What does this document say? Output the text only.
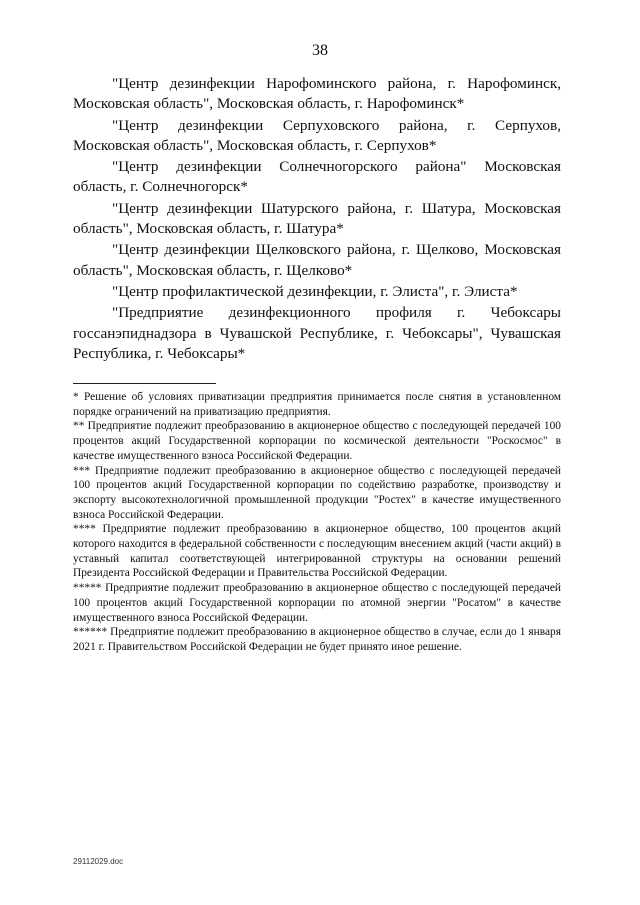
38

"Центр дезинфекции Нарофоминского района, г. Нарофоминск, Московская область", Московская область, г. Нарофоминск*

"Центр дезинфекции Серпуховского района, г. Серпухов, Московская область", Московская область, г. Серпухов*

"Центр дезинфекции Солнечногорского района" Московская область, г. Солнечногорск*

"Центр дезинфекции Шатурского района, г. Шатура, Московская область", Московская область, г. Шатура*

"Центр дезинфекции Щелковского района, г. Щелково, Московская область", Московская область, г. Щелково*

"Центр профилактической дезинфекции, г. Элиста", г. Элиста*

"Предприятие дезинфекционного профиля г. Чебоксары госсанэпиднадзора в Чувашской Республике, г. Чебоксары", Чувашская Республика, г. Чебоксары*

* Решение об условиях приватизации предприятия принимается после снятия в установленном порядке ограничений на приватизацию предприятия.

** Предприятие подлежит преобразованию в акционерное общество с последующей передачей 100 процентов акций Государственной корпорации по космической деятельности "Роскосмос" в качестве имущественного взноса Российской Федерации.

*** Предприятие подлежит преобразованию в акционерное общество с последующей передачей 100 процентов акций Государственной корпорации по содействию разработке, производству и экспорту высокотехнологичной промышленной продукции "Ростех" в качестве имущественного взноса Российской Федерации.

**** Предприятие подлежит преобразованию в акционерное общество, 100 процентов акций которого находится в федеральной собственности с последующим внесением акций (части акций) в уставный капитал соответствующей интегрированной структуры на основании решений Президента Российской Федерации и Правительства Российской Федерации.

***** Предприятие подлежит преобразованию в акционерное общество с последующей передачей 100 процентов акций Государственной корпорации по атомной энергии "Росатом" в качестве имущественного взноса Российской Федерации.

****** Предприятие подлежит преобразованию в акционерное общество в случае, если до 1 января 2021 г. Правительством Российской Федерации не будет принято иное решение.

29112029.doc
